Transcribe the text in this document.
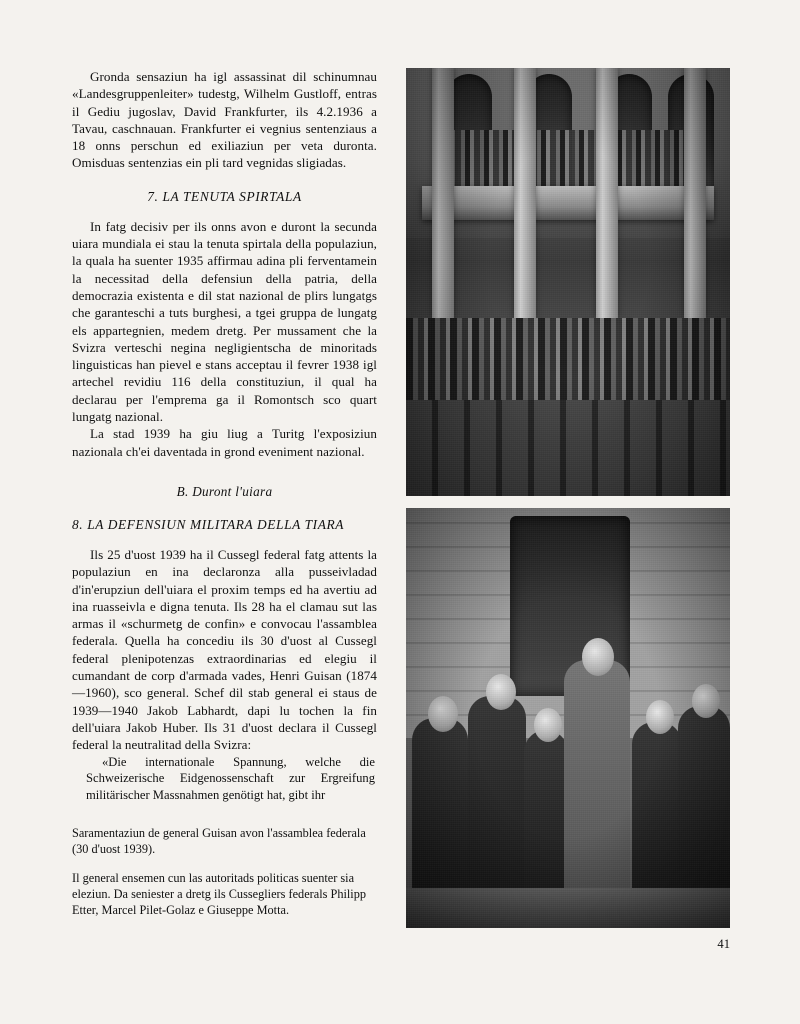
Gronda sensaziun ha igl assassinat dil schinumnau «Landesgruppenleiter» tudestg, Wilhelm Gustloff, entras il Gediu jugoslav, David Frankfurter, ils 4.2.1936 a Tavau, caschnauan. Frankfurter ei vegnius sentenziaus a 18 onns perschun ed exiliaziun per veta duronta. Omisduas sentenzias ein pli tard vegnidas sligiadas.

7. LA TENUTA SPIRTALA

In fatg decisiv per ils onns avon e duront la secunda uiara mundiala ei stau la tenuta spirtala della populaziun, la quala ha suenter 1935 affirmau adina pli ferventamein la necessitad della defensiun della patria, della democrazia existenta e dil stat nazional de plirs lungatgs che garanteschi a tuts burghesi, a tgei gruppa de lungatg els appartegnien, medem dretg. Per mussament che la Svizra verteschi negina negligientscha de minoritads linguisticas han pievel e stans acceptau il fevrer 1938 igl artechel revidiu 116 della constituziun, il qual ha declarau per l'emprema ga il Romontsch sco quart lungatg nazional.

La stad 1939 ha giu liug a Turitg l'exposiziun nazionala ch'ei daventada in grond eveniment nazional.

B. Duront l'uiara
8. LA DEFENSIUN MILITARA DELLA TIARA

Ils 25 d'uost 1939 ha il Cussegl federal fatg attents la populaziun en ina declaronza alla pusseivladad d'in'erupziun dell'uiara el proxim temps ed ha avertiu ad ina ruasseivla e digna tenuta. Ils 28 ha el clamau sut las armas il «schurmetg de confin» e convocau l'assamblea federala. Quella ha concediu ils 30 d'uost al Cussegl federal plenipotenzas extraordinarias ed elegiu il cumandant de corp d'armada vades, Henri Guisan (1874—1960), sco general. Schef dil stab general ei staus de 1939—1940 Jakob Labhardt, dapi lu tochen la fin dell'uiara Jakob Huber. Ils 31 d'uost declara il Cussegl federal la neutralitad della Svizra:

«Die internationale Spannung, welche die Schweizerische Eidgenossenschaft zur Ergreifung militärischer Massnahmen genötigt hat, gibt ihr

Saramentaziun de general Guisan avon l'assamblea federala (30 d'uost 1939).

Il general ensemen cun las autoritads politicas suenter sia eleziun. Da seniester a dretg ils Cussegliers federals Philipp Etter, Marcel Pilet-Golaz e Giuseppe Motta.

41
